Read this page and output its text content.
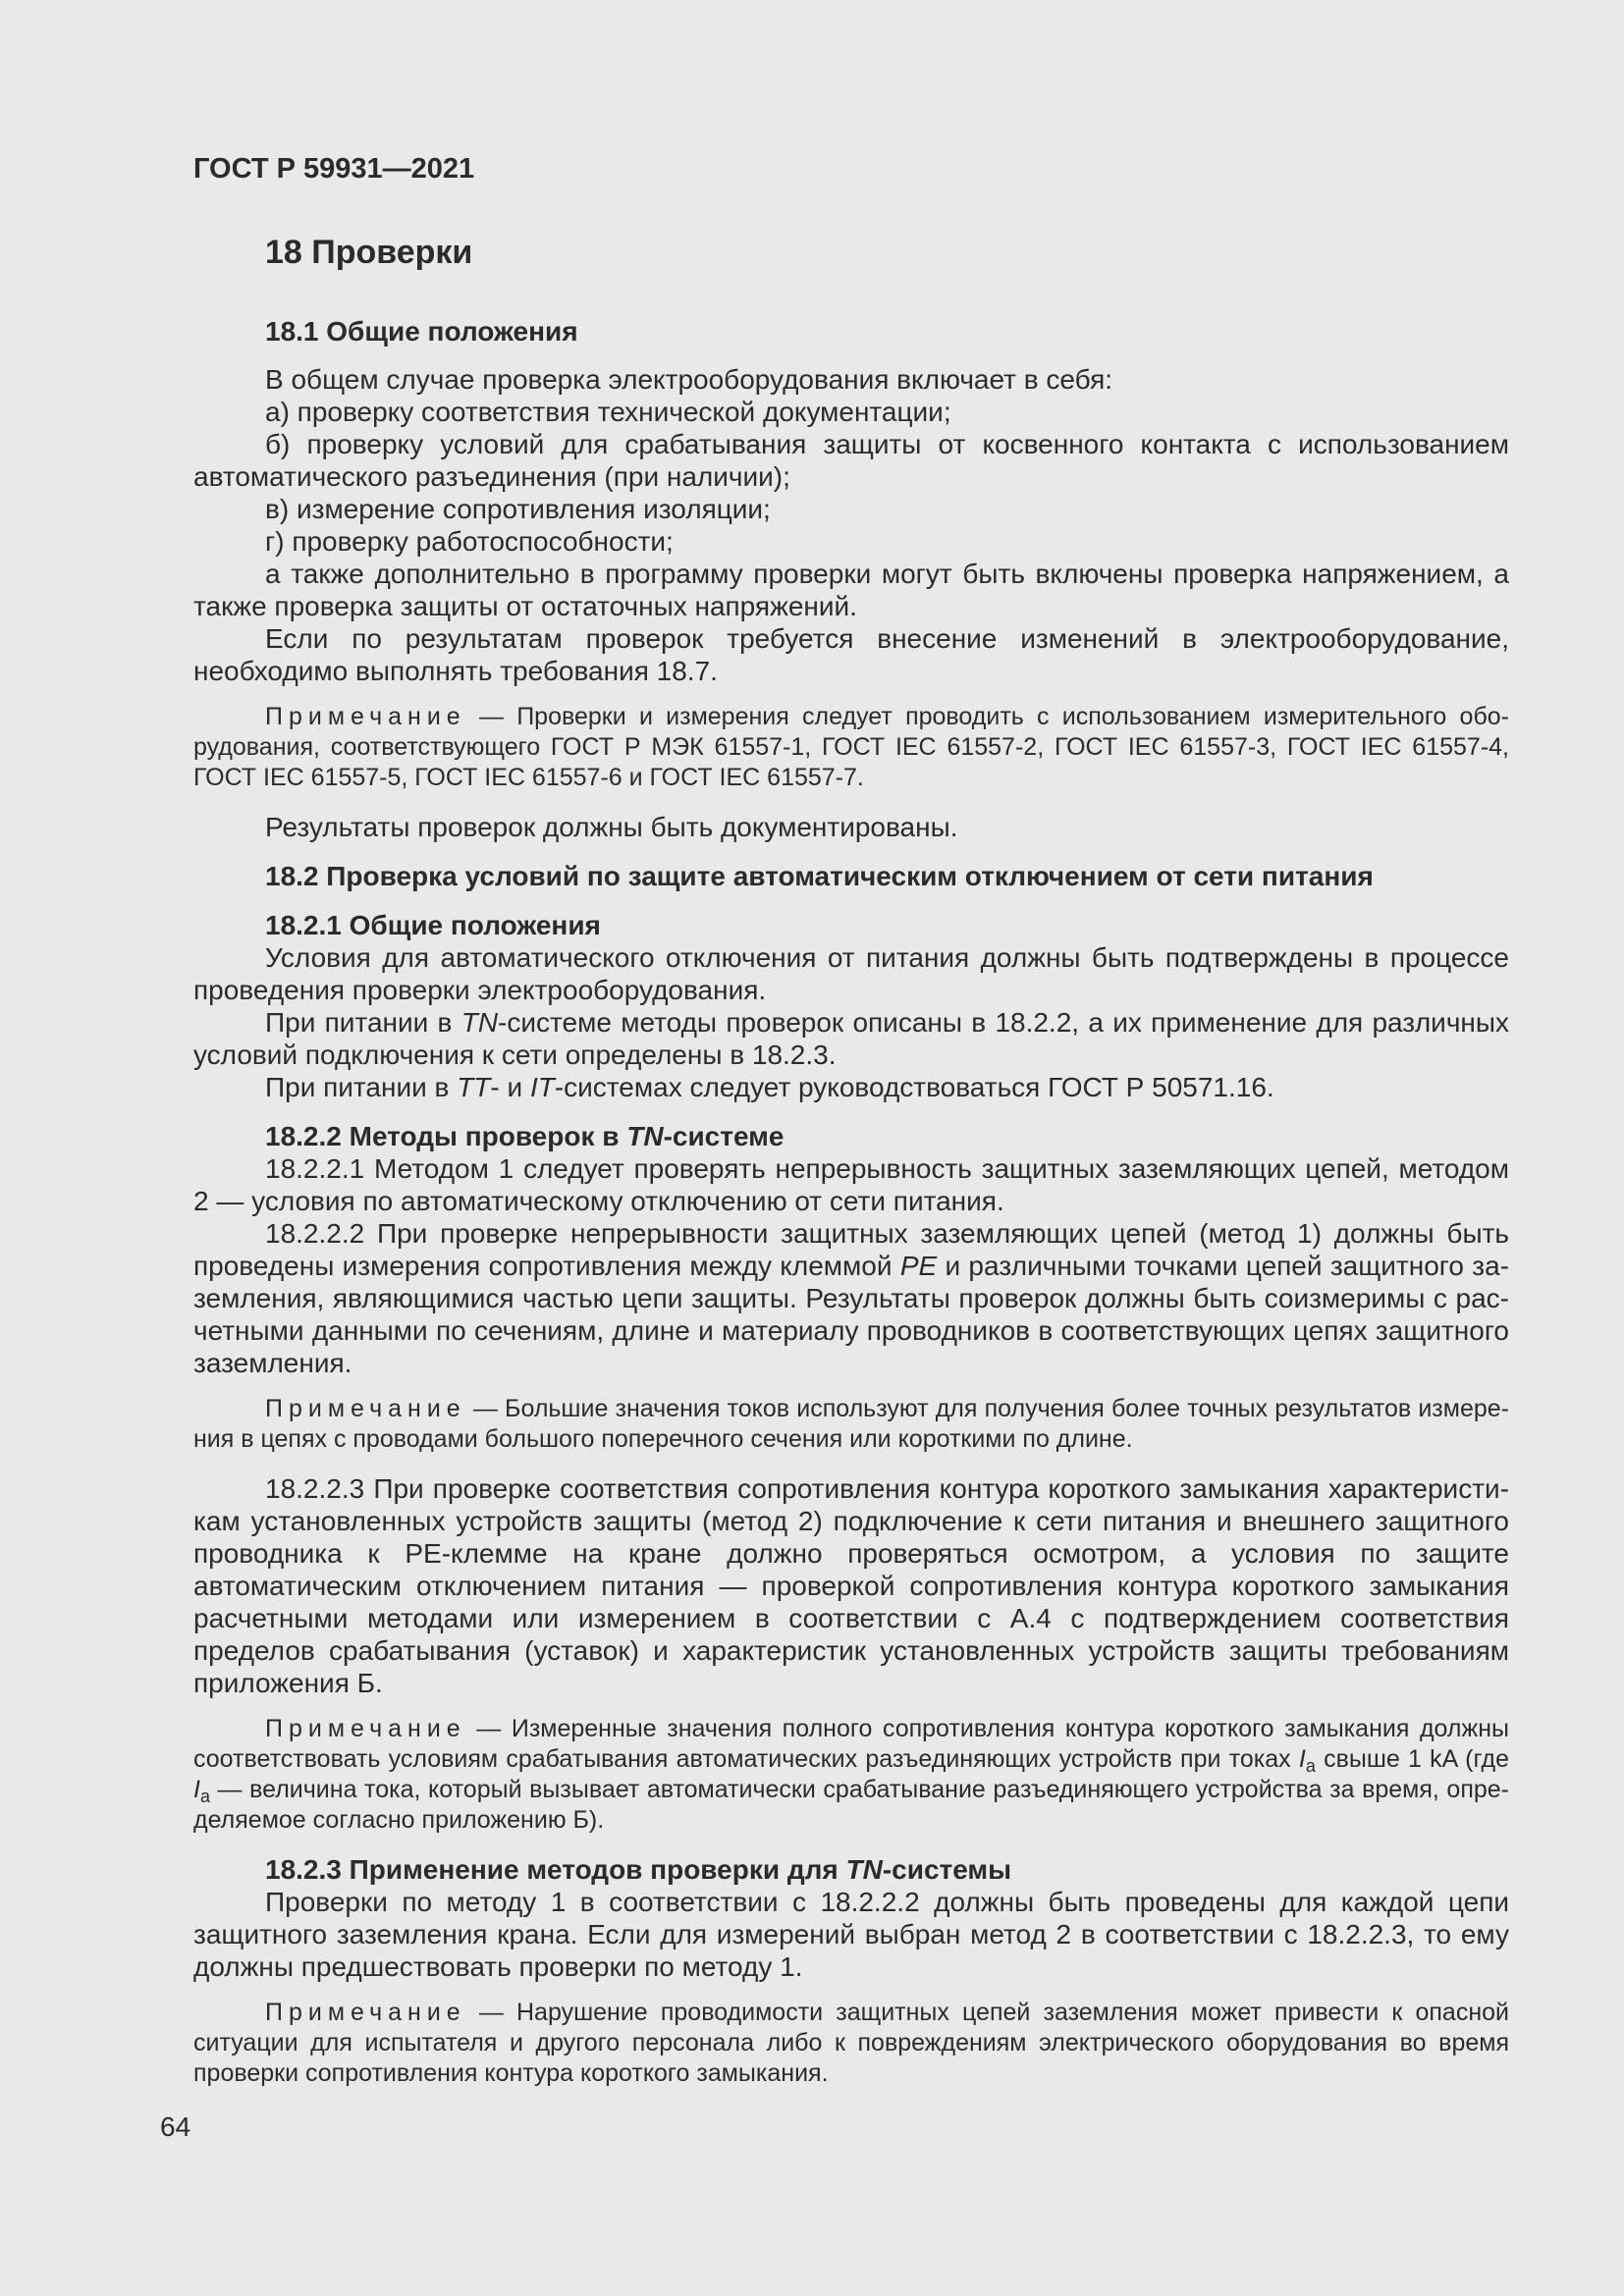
ГОСТ Р 59931—2021
18 Проверки
18.1 Общие положения
В общем случае проверка электрооборудования включает в себя:
а) проверку соответствия технической документации;
б) проверку условий для срабатывания защиты от косвенного контакта с использованием автоматического разъединения (при наличии);
в) измерение сопротивления изоляции;
г) проверку работоспособности;
а также дополнительно в программу проверки могут быть включены проверка напряжением, а также проверка защиты от остаточных напряжений.
Если по результатам проверок требуется внесение изменений в электрооборудование, необходимо выполнять требования 18.7.
Примечание — Проверки и измерения следует проводить с использованием измерительного оборудования, соответствующего ГОСТ Р МЭК 61557-1, ГОСТ IEC 61557-2, ГОСТ IEC 61557-3, ГОСТ IEC 61557-4, ГОСТ IEC 61557-5, ГОСТ IEC 61557-6 и ГОСТ IEC 61557-7.
Результаты проверок должны быть документированы.
18.2 Проверка условий по защите автоматическим отключением от сети питания
18.2.1 Общие положения
Условия для автоматического отключения от питания должны быть подтверждены в процессе проведения проверки электрооборудования.
При питании в TN-системе методы проверок описаны в 18.2.2, а их применение для различных условий подключения к сети определены в 18.2.3.
При питании в TT- и IT-системах следует руководствоваться ГОСТ Р 50571.16.
18.2.2 Методы проверок в TN-системе
18.2.2.1 Методом 1 следует проверять непрерывность защитных заземляющих цепей, методом 2 — условия по автоматическому отключению от сети питания.
18.2.2.2 При проверке непрерывности защитных заземляющих цепей (метод 1) должны быть проведены измерения сопротивления между клеммой PE и различными точками цепей защитного заземления, являющимися частью цепи защиты. Результаты проверок должны быть соизмеримы с расчетными данными по сечениям, длине и материалу проводников в соответствующих цепях защитного заземления.
Примечание — Большие значения токов используют для получения более точных результатов измерения в цепях с проводами большого поперечного сечения или короткими по длине.
18.2.2.3 При проверке соответствия сопротивления контура короткого замыкания характеристикам установленных устройств защиты (метод 2) подключение к сети питания и внешнего защитного проводника к PE-клемме на кране должно проверяться осмотром, а условия по защите автоматическим отключением питания — проверкой сопротивления контура короткого замыкания расчетными методами или измерением в соответствии с А.4 с подтверждением соответствия пределов срабатывания (уставок) и характеристик установленных устройств защиты требованиям приложения Б.
Примечание — Измеренные значения полного сопротивления контура короткого замыкания должны соответствовать условиям срабатывания автоматических разъединяющих устройств при токах $I_а$ свыше 1 kA (где $I_а$ — величина тока, который вызывает автоматически срабатывание разъединяющего устройства за время, определяемое согласно приложению Б).
18.2.3 Применение методов проверки для TN-системы
Проверки по методу 1 в соответствии с 18.2.2.2 должны быть проведены для каждой цепи защитного заземления крана. Если для измерений выбран метод 2 в соответствии с 18.2.2.3, то ему должны предшествовать проверки по методу 1.
Примечание — Нарушение проводимости защитных цепей заземления может привести к опасной ситуации для испытателя и другого персонала либо к повреждениям электрического оборудования во время проверки сопротивления контура короткого замыкания.
64
